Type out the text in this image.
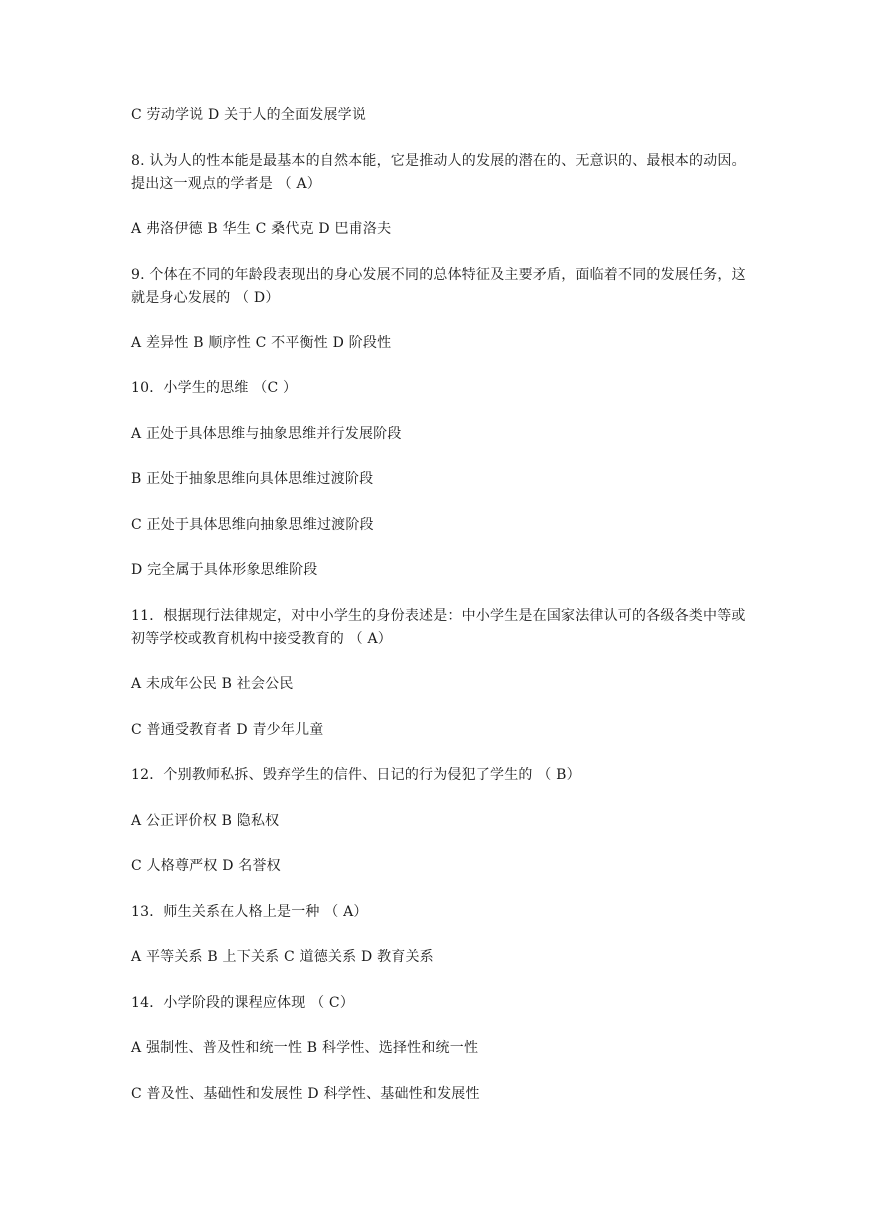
C 劳动学说 D 关于人的全面发展学说
8. 认为人的性本能是最基本的自然本能，它是推动人的发展的潜在的、无意识的、最根本的动因。提出这一观点的学者是 （ A）
A 弗洛伊德 B 华生 C 桑代克 D 巴甫洛夫
9. 个体在不同的年龄段表现出的身心发展不同的总体特征及主要矛盾，面临着不同的发展任务，这就是身心发展的 （ D）
A 差异性 B 顺序性 C 不平衡性 D 阶段性
10．小学生的思维 （C ）
A 正处于具体思维与抽象思维并行发展阶段
B 正处于抽象思维向具体思维过渡阶段
C 正处于具体思维向抽象思维过渡阶段
D 完全属于具体形象思维阶段
11．根据现行法律规定，对中小学生的身份表述是：中小学生是在国家法律认可的各级各类中等或初等学校或教育机构中接受教育的 （ A）
A 未成年公民 B 社会公民
C 普通受教育者 D 青少年儿童
12．个别教师私拆、毁弃学生的信件、日记的行为侵犯了学生的 （ B）
A 公正评价权 B 隐私权
C 人格尊严权 D 名誉权
13．师生关系在人格上是一种 （ A）
A 平等关系 B 上下关系 C 道德关系 D 教育关系
14．小学阶段的课程应体现 （ C）
A 强制性、普及性和统一性 B 科学性、选择性和统一性
C 普及性、基础性和发展性 D 科学性、基础性和发展性
